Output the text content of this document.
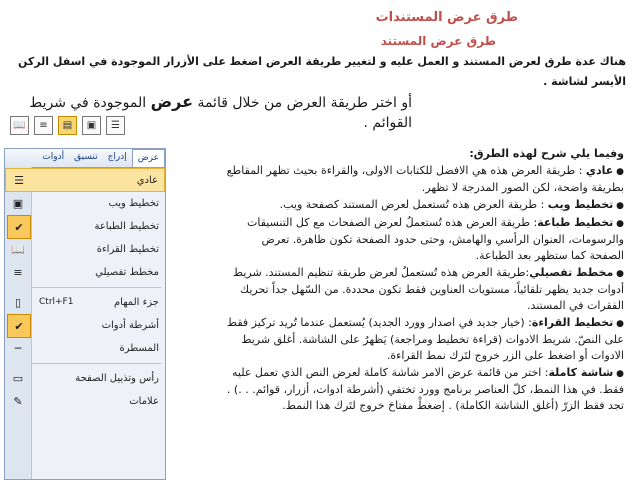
طرق عرض المستندات
طرق عرض المستند
هناك عدة طرق لعرض المستند و العمل عليه و لتغيير طريقة العرض اضغط على الأزرار الموجودة في اسفل الركن الأيسر لشاشة .
أو اختر طريقة العرض من خلال قائمة عرض الموجودة في شريط القوائم .
📖	≡	▤	▣	☰
عرض
إدراج
تنسيق
أدوات
عادي
☰
تخطيط ويب
▣
تخطيط الطباعة
✔
تخطيط القراءة
📖
مخطط تفصيلي
≡
جزء المهام
Ctrl+F1
▯
أشرطة أدوات
✔
المسطرة
─
رأس وتذييل الصفحة
▭
علامات
✎

وفيما يلي شرح لهذه الطرق:

● عادي : طريقة العرض هذه هي الافضل للكتابات الاولى، والقراءة بحيث تظهر المقاطع بطريقة واضحة، لكن الصور المدرجة لا تظهر.

● تخطيط ويب : طريقة العرض هذه تُستعمل لعرض المستند كصفحة ويب.

● تخطيط طباعة: طريقة العرض هذه تُستعملُ لعرض الصفحات مع كل التنسيقات والرسومات، العنوان الرأسي والهامش، وحتى حدود الصفحة تكون ظاهرة. تعرض الصفحة كما ستظهر بعد الطباعة.

● مخطط تفصيلي:طريقة العرض هذه تُستعملُ لعرض طريقة تنظيم المستند. شريط أدوات جديد يظهر تلقائياً، مستويات العناوين فقط تكون محددة. من السّهل جداً تحريك الفقرات في المستند.

● تخطيط القراءة: (خيار جديد في اصدار وورد الجديد) يُستعمل عندما تُريد تركيز فقط على النصّ. شريط الادوات (قراءة تخطيط ومراجعة) يَظهرُ على الشاشة. أغلق شريط الادوات أو اضغط على الزر خروج لتَرك نمط القراءة.

● شاشة كاملة: اختر من قائمة عرض الامر شاشة كاملة لعرض النص الذي تعمل عليه فقط. في هذا النمط، كلّ العناصر برنامج وورد تختفي (أشرطة ادوات، أزرار، قوائم. . .) . تجد فقط الزرّ (أغلق الشاشة الكاملة) . إضغطْ مفتاحَ خروج لتَرك هذا النمط.
